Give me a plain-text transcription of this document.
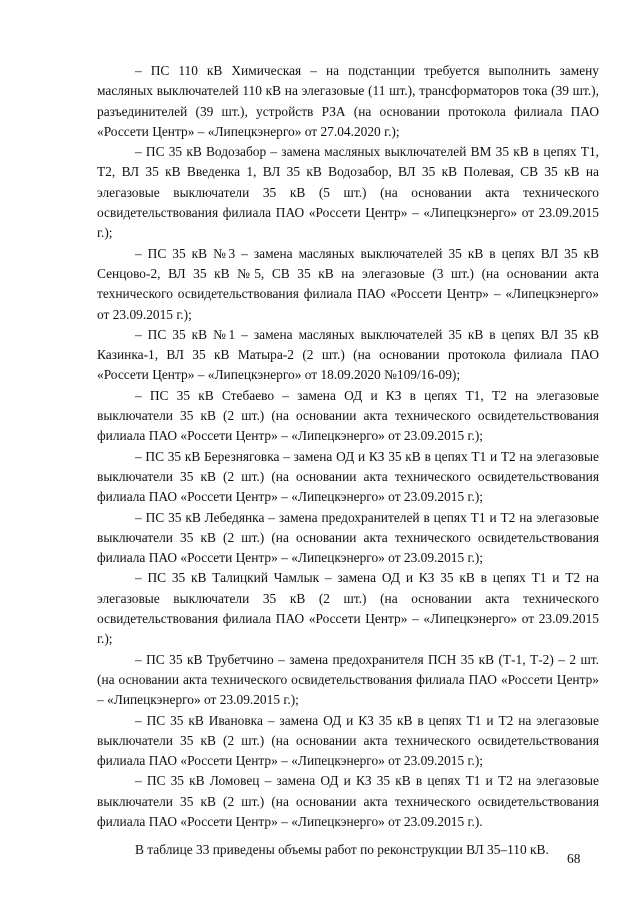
– ПС 110 кВ Химическая – на подстанции требуется выполнить замену масляных выключателей 110 кВ на элегазовые (11 шт.), трансформаторов тока (39 шт.), разъединителей (39 шт.), устройств РЗА (на основании протокола филиала ПАО «Россети Центр» – «Липецкэнерго» от 27.04.2020 г.);

– ПС 35 кВ Водозабор – замена масляных выключателей ВМ 35 кВ в цепях Т1, Т2, ВЛ 35 кВ Введенка 1, ВЛ 35 кВ Водозабор, ВЛ 35 кВ Полевая, СВ 35 кВ на элегазовые выключатели 35 кВ (5 шт.) (на основании акта технического освидетельствования филиала ПАО «Россети Центр» – «Липецкэнерго» от 23.09.2015 г.);

– ПС 35 кВ №3 – замена масляных выключателей 35 кВ в цепях ВЛ 35 кВ Сенцово-2, ВЛ 35 кВ №5, СВ 35 кВ на элегазовые (3 шт.) (на основании акта технического освидетельствования филиала ПАО «Россети Центр» – «Липецкэнерго» от 23.09.2015 г.);

– ПС 35 кВ №1 – замена масляных выключателей 35 кВ в цепях ВЛ 35 кВ Казинка-1, ВЛ 35 кВ Матыра-2 (2 шт.) (на основании протокола филиала ПАО «Россети Центр» – «Липецкэнерго» от 18.09.2020 №109/16-09);

– ПС 35 кВ Стебаево – замена ОД и КЗ в цепях Т1, Т2 на элегазовые выключатели 35 кВ (2 шт.) (на основании акта технического освидетельствования филиала ПАО «Россети Центр» – «Липецкэнерго» от 23.09.2015 г.);

– ПС 35 кВ Березняговка – замена ОД и КЗ 35 кВ в цепях Т1 и Т2 на элегазовые выключатели 35 кВ (2 шт.) (на основании акта технического освидетельствования филиала ПАО «Россети Центр» – «Липецкэнерго» от 23.09.2015 г.);

– ПС 35 кВ Лебедянка – замена предохранителей в цепях Т1 и Т2 на элегазовые выключатели 35 кВ (2 шт.) (на основании акта технического освидетельствования филиала ПАО «Россети Центр» – «Липецкэнерго» от 23.09.2015 г.);

– ПС 35 кВ Талицкий Чамлык – замена ОД и КЗ 35 кВ в цепях Т1 и Т2 на элегазовые выключатели 35 кВ (2 шт.) (на основании акта технического освидетельствования филиала ПАО «Россети Центр» – «Липецкэнерго» от 23.09.2015 г.);

– ПС 35 кВ Трубетчино – замена предохранителя ПСН 35 кВ (Т-1, Т-2) – 2 шт. (на основании акта технического освидетельствования филиала ПАО «Россети Центр» – «Липецкэнерго» от 23.09.2015 г.);

– ПС 35 кВ Ивановка – замена ОД и КЗ 35 кВ в цепях Т1 и Т2 на элегазовые выключатели 35 кВ (2 шт.) (на основании акта технического освидетельствования филиала ПАО «Россети Центр» – «Липецкэнерго» от 23.09.2015 г.);

– ПС 35 кВ Ломовец – замена ОД и КЗ 35 кВ в цепях Т1 и Т2 на элегазовые выключатели 35 кВ (2 шт.) (на основании акта технического освидетельствования филиала ПАО «Россети Центр» – «Липецкэнерго» от 23.09.2015 г.).

В таблице 33 приведены объемы работ по реконструкции ВЛ 35–110 кВ.

68
